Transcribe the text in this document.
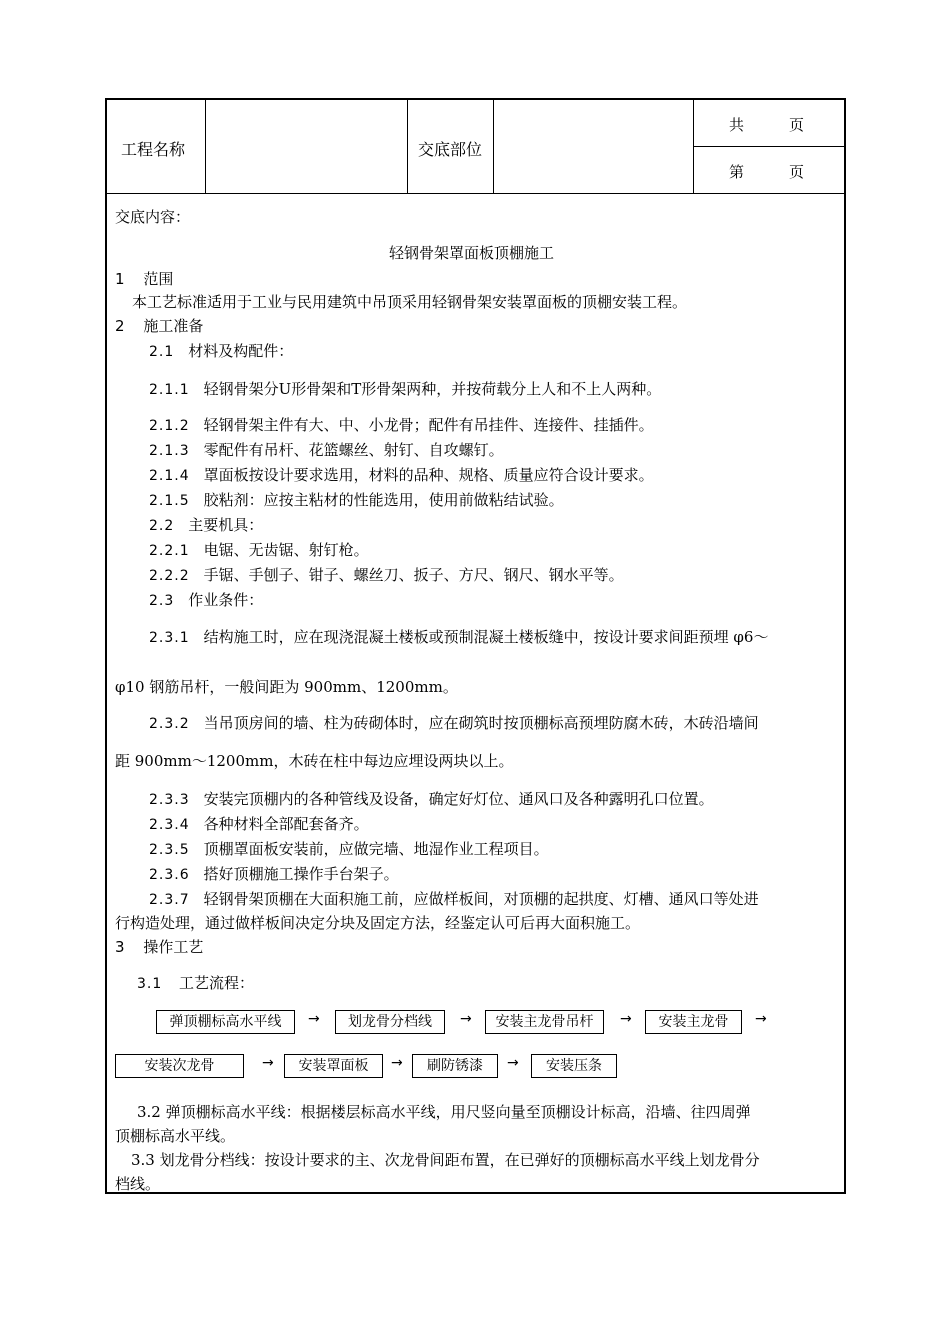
工程名称	交底部位
共　　　页
第　　　页
交底内容：
轻钢骨架罩面板顶棚施工
1 范围
本工艺标准适用于工业与民用建筑中吊顶采用轻钢骨架安装罩面板的顶棚安装工程。
2 施工准备
2.1 材料及构配件：
2.1.1 轻钢骨架分U形骨架和T形骨架两种，并按荷载分上人和不上人两种。
2.1.2 轻钢骨架主件有大、中、小龙骨；配件有吊挂件、连接件、挂插件。
2.1.3 零配件有吊杆、花篮螺丝、射钉、自攻螺钉。
2.1.4 罩面板按设计要求选用，材料的品种、规格、质量应符合设计要求。
2.1.5 胶粘剂：应按主粘材的性能选用，使用前做粘结试验。
2.2 主要机具：
2.2.1 电锯、无齿锯、射钉枪。
2.2.2 手锯、手刨子、钳子、螺丝刀、扳子、方尺、钢尺、钢水平等。
2.3 作业条件：
2.3.1 结构施工时，应在现浇混凝土楼板或预制混凝土楼板缝中，按设计要求间距预埋 φ6～
φ10 钢筋吊杆，一般间距为 900mm、1200mm。
2.3.2 当吊顶房间的墙、柱为砖砌体时，应在砌筑时按顶棚标高预埋防腐木砖，木砖沿墙间
距 900mm～1200mm，木砖在柱中每边应埋设两块以上。
2.3.3 安装完顶棚内的各种管线及设备，确定好灯位、通风口及各种露明孔口位置。
2.3.4 各种材料全部配套备齐。
2.3.5 顶棚罩面板安装前，应做完墙、地湿作业工程项目。
2.3.6 搭好顶棚施工操作手台架子。
2.3.7 轻钢骨架顶棚在大面积施工前，应做样板间，对顶棚的起拱度、灯槽、通风口等处进
行构造处理，通过做样板间决定分块及固定方法，经鉴定认可后再大面积施工。
3 操作工艺
3.1 工艺流程：
弹顶棚标高水平线	→	划龙骨分档线	→	安装主龙骨吊杆	→	安装主龙骨	→
安装次龙骨	→	安装罩面板	→	刷防锈漆	→	安装压条
3.2 弹顶棚标高水平线：根据楼层标高水平线，用尺竖向量至顶棚设计标高，沿墙、往四周弹
顶棚标高水平线。
3.3 划龙骨分档线：按设计要求的主、次龙骨间距布置，在已弹好的顶棚标高水平线上划龙骨分
档线。
